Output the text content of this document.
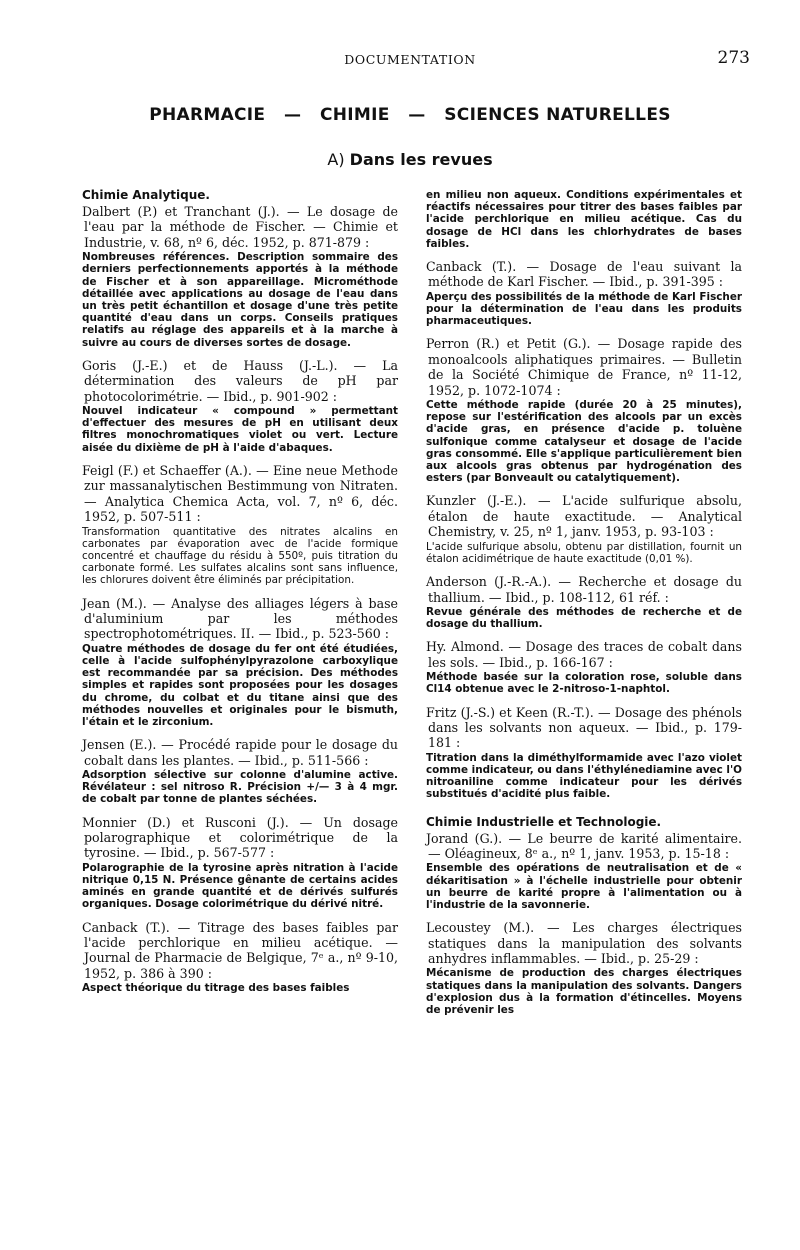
DOCUMENTATION	273
PHARMACIE   —   CHIMIE   —   SCIENCES NATURELLES
A) Dans les revues
Chimie Analytique.
Dalbert (P.) et Tranchant (J.). — Le dosage de l'eau par la méthode de Fischer. — Chimie et Industrie, v. 68, nº 6, déc. 1952, p. 871-879 :
Nombreuses références. Description sommaire des derniers perfectionnements apportés à la méthode de Fischer et à son appareillage. Microméthode détaillée avec applications au dosage de l'eau dans un très petit échantillon et dosage d'une très petite quantité d'eau dans un corps. Conseils pratiques relatifs au réglage des appareils et à la marche à suivre au cours de diverses sortes de dosage.
Goris (J.-E.) et de Hauss (J.-L.). — La détermination des valeurs de pH par photocolorimétrie. — Ibid., p. 901-902 :
Nouvel indicateur « compound » permettant d'effectuer des mesures de pH en utilisant deux filtres monochromatiques violet ou vert. Lecture aisée du dixième de pH à l'aide d'abaques.
Feigl (F.) et Schaeffer (A.). — Eine neue Methode zur massanalytischen Bestimmung von Nitraten. — Analytica Chemica Acta, vol. 7, nº 6, déc. 1952, p. 507-511 :
Transformation quantitative des nitrates alcalins en carbonates par évaporation avec de l'acide formique concentré et chauffage du résidu à 550º, puis titration du carbonate formé. Les sulfates alcalins sont sans influence, les chlorures doivent être éliminés par précipitation.
Jean (M.). — Analyse des alliages légers à base d'aluminium par les méthodes spectrophotométriques. II. — Ibid., p. 523-560 :
Quatre méthodes de dosage du fer ont été étudiées, celle à l'acide sulfophénylpyrazolone carboxylique est recommandée par sa précision. Des méthodes simples et rapides sont proposées pour les dosages du chrome, du colbat et du titane ainsi que des méthodes nouvelles et originales pour le bismuth, l'étain et le zirconium.
Jensen (E.). — Procédé rapide pour le dosage du cobalt dans les plantes. — Ibid., p. 511-566 :
Adsorption sélective sur colonne d'alumine active. Révélateur : sel nitroso R. Précision +/— 3 à 4 mgr. de cobalt par tonne de plantes séchées.
Monnier (D.) et Rusconi (J.). — Un dosage polarographique et colorimétrique de la tyrosine. — Ibid., p. 567-577 :
Polarographie de la tyrosine après nitration à l'acide nitrique 0,15 N. Présence gênante de certains acides aminés en grande quantité et de dérivés sulfurés organiques. Dosage colorimétrique du dérivé nitré.
Canback (T.). — Titrage des bases faibles par l'acide perchlorique en milieu acétique. — Journal de Pharmacie de Belgique, 7ᵉ a., nº 9-10, 1952, p. 386 à 390 :
Aspect théorique du titrage des bases faibles
en milieu non aqueux. Conditions expérimentales et réactifs nécessaires pour titrer des bases faibles par l'acide perchlorique en milieu acétique. Cas du dosage de HCl dans les chlorhydrates de bases faibles.
Canback (T.). — Dosage de l'eau suivant la méthode de Karl Fischer. — Ibid., p. 391-395 :
Aperçu des possibilités de la méthode de Karl Fischer pour la détermination de l'eau dans les produits pharmaceutiques.
Perron (R.) et Petit (G.). — Dosage rapide des monoalcools aliphatiques primaires. — Bulletin de la Société Chimique de France, nº 11-12, 1952, p. 1072-1074 :
Cette méthode rapide (durée 20 à 25 minutes), repose sur l'estérification des alcools par un excès d'acide gras, en présence d'acide p. toluène sulfonique comme catalyseur et dosage de l'acide gras consommé. Elle s'applique particulièrement bien aux alcools gras obtenus par hydrogénation des esters (par Bonveault ou catalytiquement).
Kunzler (J.-E.). — L'acide sulfurique absolu, étalon de haute exactitude. — Analytical Chemistry, v. 25, nº 1, janv. 1953, p. 93-103 :
L'acide sulfurique absolu, obtenu par distillation, fournit un étalon acidimétrique de haute exactitude (0,01 %).
Anderson (J.-R.-A.). — Recherche et dosage du thallium. — Ibid., p. 108-112, 61 réf. :
Revue générale des méthodes de recherche et de dosage du thallium.
Hy. Almond. — Dosage des traces de cobalt dans les sols. — Ibid., p. 166-167 :
Méthode basée sur la coloration rose, soluble dans Cl14 obtenue avec le 2-nitroso-1-naphtol.
Fritz (J.-S.) et Keen (R.-T.). — Dosage des phénols dans les solvants non aqueux. — Ibid., p. 179-181 :
Titration dans la diméthylformamide avec l'azo violet comme indicateur, ou dans l'éthylénediamine avec l'O nitroaniline comme indicateur pour les dérivés substitués d'acidité plus faible.
Chimie Industrielle et Technologie.
Jorand (G.). — Le beurre de karité alimentaire. — Oléagineux, 8ᵉ a., nº 1, janv. 1953, p. 15-18 :
Ensemble des opérations de neutralisation et de « dékaritisation » à l'échelle industrielle pour obtenir un beurre de karité propre à l'alimentation ou à l'industrie de la savonnerie.
Lecoustey (M.). — Les charges électriques statiques dans la manipulation des solvants anhydres inflammables. — Ibid., p. 25-29 :
Mécanisme de production des charges électriques statiques dans la manipulation des solvants. Dangers d'explosion dus à la formation d'étincelles. Moyens de prévenir les
